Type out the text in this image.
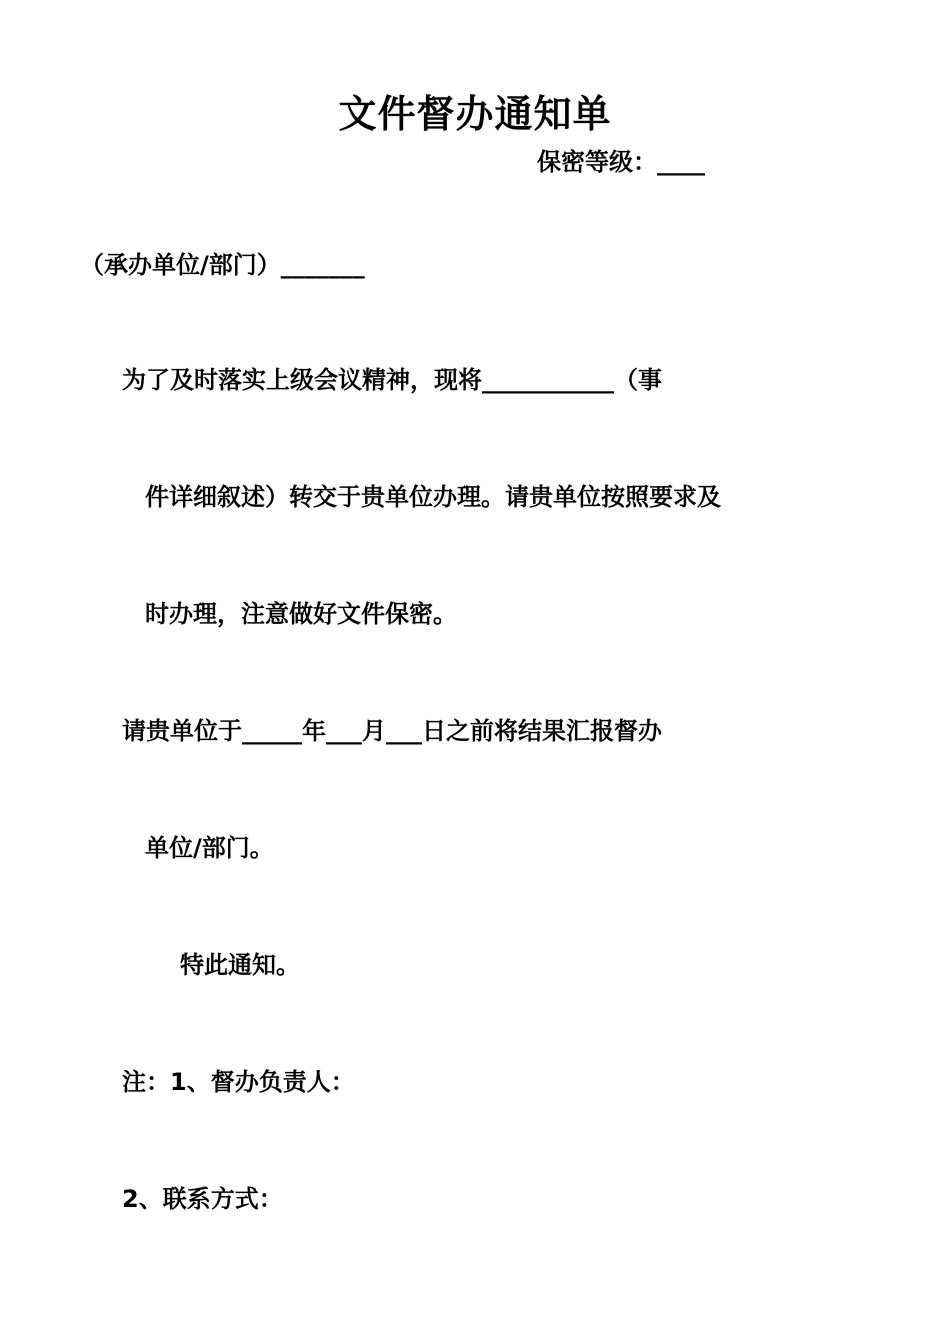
文件督办通知单
保密等级：____
（承办单位/部门）_______
为了及时落实上级会议精神，现将___________（事
件详细叙述）转交于贵单位办理。请贵单位按照要求及
时办理，注意做好文件保密。
请贵单位于_____年___月___日之前将结果汇报督办
单位/部门。
特此通知。
注：1、督办负责人：
2、联系方式：
